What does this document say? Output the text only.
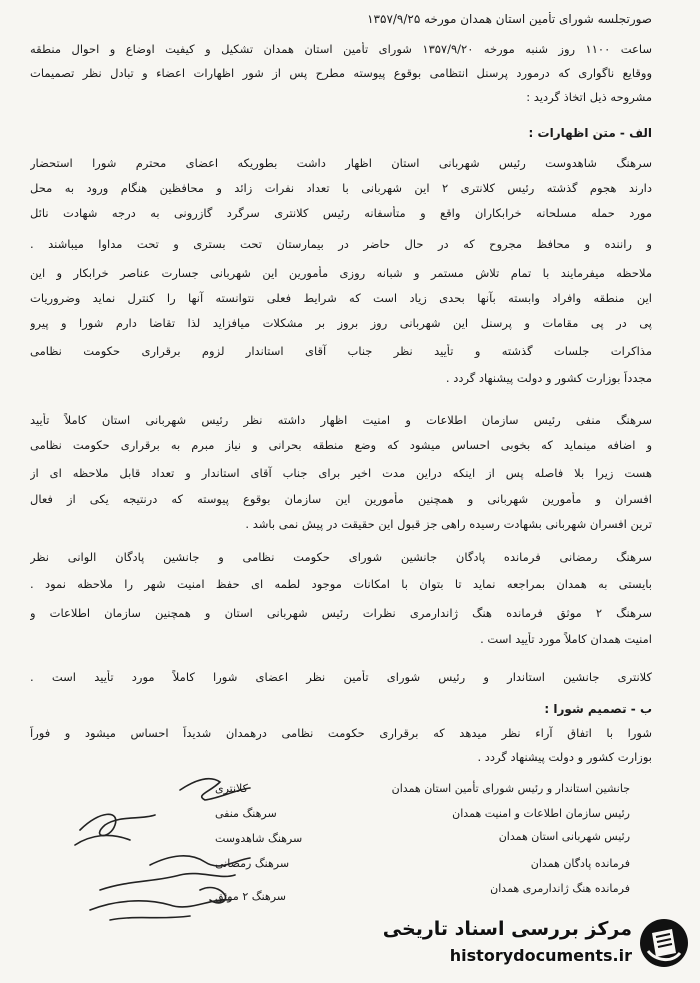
صورتجلسه شورای تأمین استان همدان مورخه ۱۳۵۷/۹/۲۵
ساعت ۱۱۰۰ روز شنبه مورخه ۱۳۵۷/۹/۲۰ شورای تأمین استان همدان تشکیل و کیفیت اوضاع و احوال منطقه
ووقایع ناگواری که درمورد پرسنل انتظامی بوقوع پیوسته مطرح پس از شور اظهارات اعضاء و تبادل نظر تصمیمات
مشروحه ذیل اتخاذ گردید :
الف - متن اظهارات :
سرهنگ شاهدوست رئیس شهربانی استان اظهار داشت بطوریکه اعضای محترم شورا استحضار
دارند هجوم گذشته رئیس کلانتری ۲ این شهربانی با تعداد نفرات زائد و محافظین هنگام ورود به محل
مورد حمله مسلحانه خرابکاران واقع و متأسفانه رئیس کلانتری سرگرد گازرونی به درجه شهادت نائل
و راننده و محافظ مجروح که در حال حاضر در بیمارستان تحت بستری و تحت مداوا میباشند .
ملاحظه میفرمایند با تمام تلاش مستمر و شبانه روزی مأمورین این شهربانی جسارت عناصر خرابکار و این
این منطقه وافراد وابسته بآنها بحدی زیاد است که شرایط فعلی نتوانسته آنها را کنترل نماید وضروریات
پی در پی مقامات و پرسنل این شهربانی روز بروز بر مشکلات میافزاید لذا تقاضا دارم شورا و پیرو
مذاکرات جلسات گذشته و تأیید نظر جناب آقای استاندار لزوم برقراری حکومت نظامی
مجدداً بوزارت کشور و دولت پیشنهاد گردد .
سرهنگ منفی رئیس سازمان اطلاعات و امنیت اظهار داشته نظر رئیس شهربانی استان کاملاً تأیید
و اضافه مینماید که بخوبی احساس میشود که وضع منطقه بحرانی و نیاز مبرم به برقراری حکومت نظامی
هست زیرا بلا فاصله پس از اینکه دراین مدت اخیر برای جناب آقای استاندار و تعداد قابل ملاحظه ای از
افسران و مأمورین شهربانی و همچنین مأمورین این سازمان بوقوع پیوسته که درنتیجه یکی از فعال
ترین افسران شهربانی بشهادت رسیده راهی جز قبول این حقیقت در پیش نمی باشد .
سرهنگ رمضانی فرمانده پادگان جانشین شورای حکومت نظامی و جانشین پادگان الوانی نظر
بایستی به همدان بمراجعه نماید تا بتوان با امکانات موجود لطمه ای حفظ امنیت شهر را ملاحظه نمود .
سرهنگ ۲ موثق فرمانده هنگ ژاندارمری نظرات رئیس شهربانی استان و همچنین سازمان اطلاعات و
امنیت همدان کاملاً مورد تأیید است .
کلانتری جانشین استاندار و رئیس شورای تأمین نظر اعضای شورا کاملاً مورد تأیید است .
ب - تصمیم شورا :
شورا با اتفاق آراء نظر میدهد که برقراری حکومت نظامی درهمدان شدیداً احساس میشود و فوراً
بوزارت کشور و دولت پیشنهاد گردد .
جانشین استاندار و رئیس شورای تأمین استان همدان
رئیس سازمان اطلاعات و امنیت همدان
رئیس شهربانی استان همدان
فرمانده پادگان همدان
فرمانده هنگ ژاندارمری همدان
کلانتری
سرهنگ منفی
سرهنگ شاهدوست
سرهنگ رمضانی
سرهنگ ۲ موثق
مرکز بررسی اسناد تاریخی
historydocuments.ir
